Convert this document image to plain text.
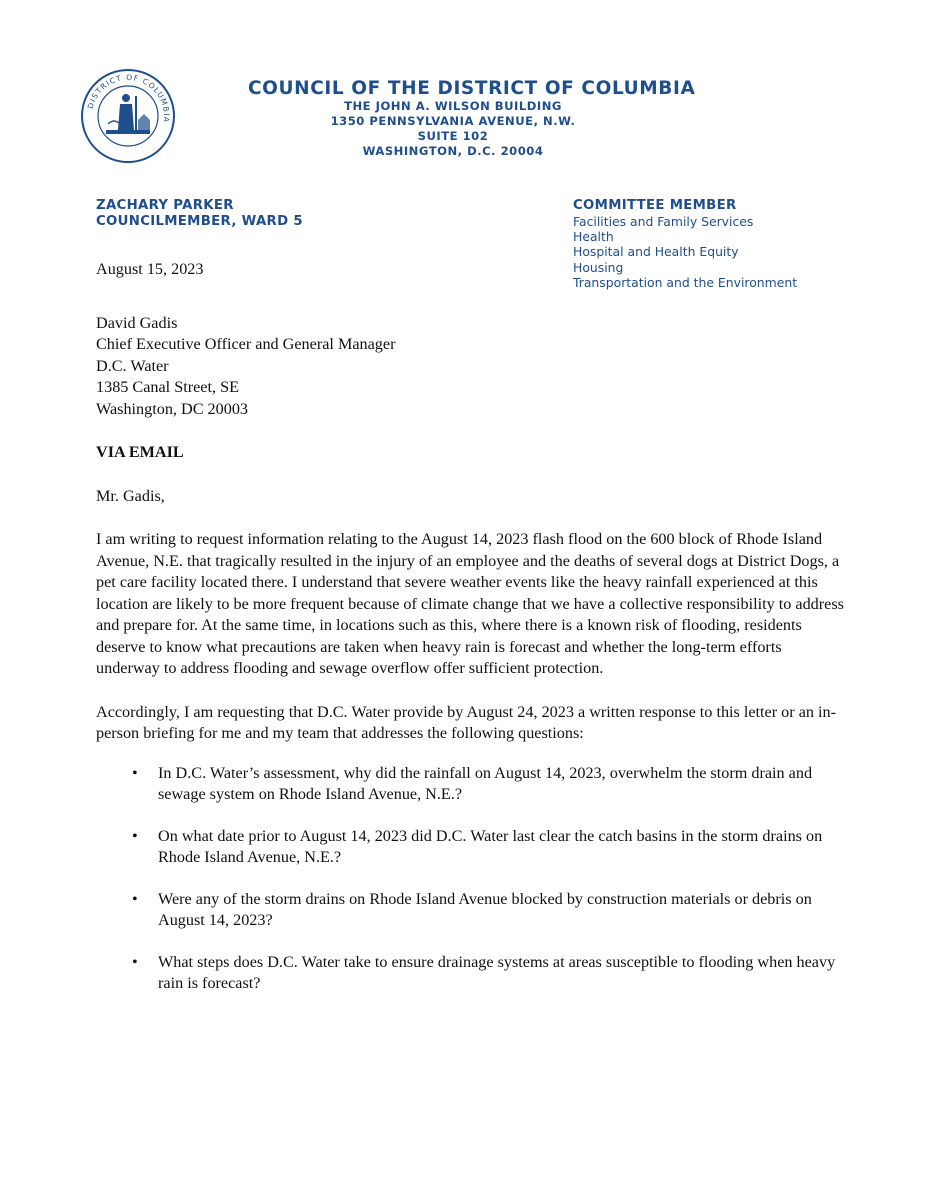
DISTRICT OF COLUMBIA
COUNCIL OF THE DISTRICT OF COLUMBIA
THE JOHN A. WILSON BUILDING
1350 PENNSYLVANIA AVENUE, N.W.
SUITE 102
WASHINGTON, D.C. 20004
ZACHARY PARKER
COUNCILMEMBER, WARD 5
COMMITTEE MEMBER
Facilities and Family Services
Health
Hospital and Health Equity
Housing
Transportation and the Environment

August 15, 2023

David Gadis
Chief Executive Officer and General Manager
D.C. Water
1385 Canal Street, SE
Washington, DC 20003

VIA EMAIL

Mr. Gadis,

I am writing to request information relating to the August 14, 2023 flash flood on the 600 block of Rhode Island Avenue, N.E. that tragically resulted in the injury of an employee and the deaths of several dogs at District Dogs, a pet care facility located there. I understand that severe weather events like the heavy rainfall experienced at this location are likely to be more frequent because of climate change that we have a collective responsibility to address and prepare for. At the same time, in locations such as this, where there is a known risk of flooding, residents deserve to know what precautions are taken when heavy rain is forecast and whether the long-term efforts underway to address flooding and sewage overflow offer sufficient protection.

Accordingly, I am requesting that D.C. Water provide by August 24, 2023 a written response to this letter or an in-person briefing for me and my team that addresses the following questions:

• In D.C. Water’s assessment, why did the rainfall on August 14, 2023, overwhelm the storm drain and sewage system on Rhode Island Avenue, N.E.?
• On what date prior to August 14, 2023 did D.C. Water last clear the catch basins in the storm drains on Rhode Island Avenue, N.E.?
• Were any of the storm drains on Rhode Island Avenue blocked by construction materials or debris on August 14, 2023?
• What steps does D.C. Water take to ensure drainage systems at areas susceptible to flooding when heavy rain is forecast?
